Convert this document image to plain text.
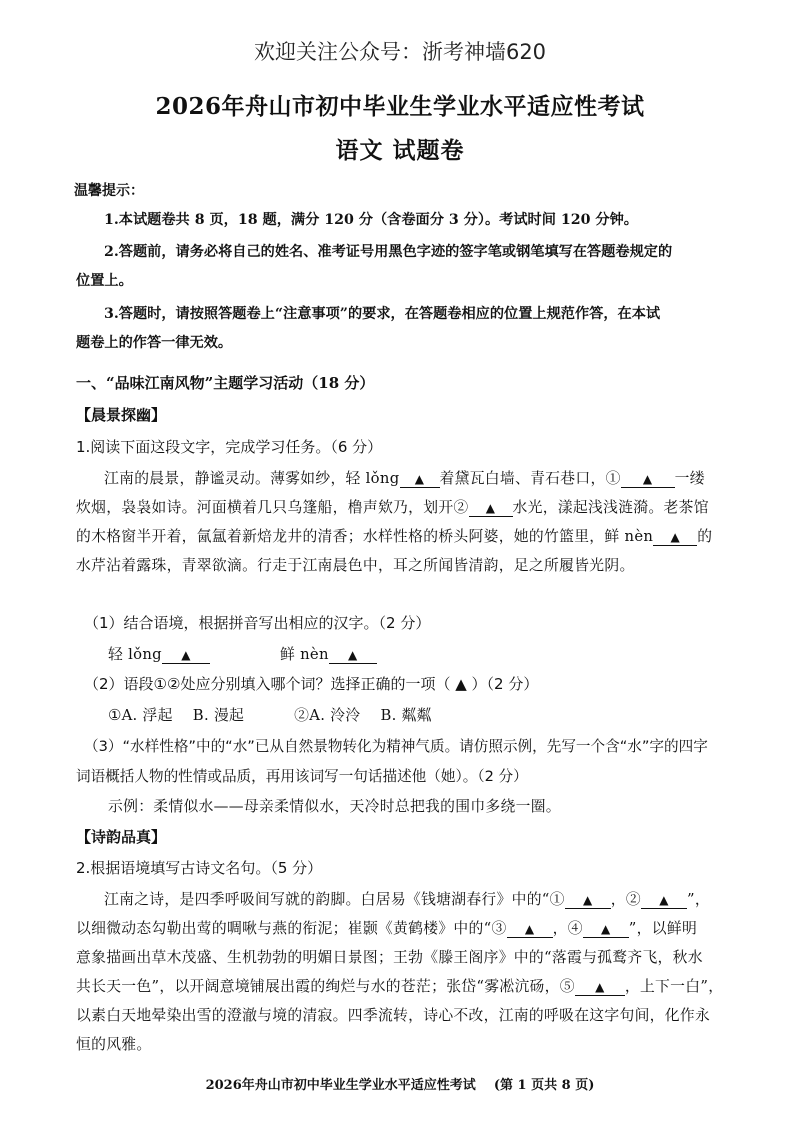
欢迎关注公众号：浙考神墙620
2026年舟山市初中毕业生学业水平适应性考试
语文 试题卷
温馨提示：
1.本试题卷共 8 页，18 题，满分 120 分（含卷面分 3 分）。考试时间 120 分钟。
2.答题前，请务必将自己的姓名、准考证号用黑色字迹的签字笔或钢笔填写在答题卷规定的
位置上。
3.答题时，请按照答题卷上“注意事项”的要求，在答题卷相应的位置上规范作答，在本试
题卷上的作答一律无效。
一、“品味江南风物”主题学习活动（18 分）
【晨景探幽】
1.阅读下面这段文字，完成学习任务。（6 分）
江南的晨景，静谧灵动。薄雾如纱，轻 lǒng ▲ 着黛瓦白墙、青石巷口，① ▲ 一缕
炊烟，袅袅如诗。河面横着几只乌篷船，橹声欸乃，划开② ▲ 水光，漾起浅浅涟漪。老茶馆
的木格窗半开着，氤氲着新焙龙井的清香；水样性格的桥头阿婆，她的竹篮里，鲜 nèn ▲ 的
水芹沾着露珠，青翠欲滴。行走于江南晨色中，耳之所闻皆清韵，足之所履皆光阴。
（1）结合语境，根据拼音写出相应的汉字。（2 分）
轻 lǒng ▲	鲜 nèn ▲
（2）语段①②处应分别填入哪个词？选择正确的一项（ ▲ ）（2 分）
①A. 浮起    B. 漫起          ②A. 泠泠    B. 粼粼
（3）“水样性格”中的“水”已从自然景物转化为精神气质。请仿照示例，先写一个含“水”字的四字
词语概括人物的性情或品质，再用该词写一句话描述他（她）。（2 分）
示例：柔情似水——母亲柔情似水，天冷时总把我的围巾多绕一圈。
【诗韵品真】
2.根据语境填写古诗文名句。（5 分）
江南之诗，是四季呼吸间写就的韵脚。白居易《钱塘湖春行》中的“① ▲ ，② ▲ ”，
以细微动态勾勒出莺的啁啾与燕的衔泥；崔颢《黄鹤楼》中的“③ ▲ ，④ ▲ ”，以鲜明
意象描画出草木茂盛、生机勃勃的明媚日景图；王勃《滕王阁序》中的“落霞与孤鹜齐飞，秋水
共长天一色”，以开阔意境铺展出霞的绚烂与水的苍茫；张岱“雾凇沆砀，⑤ ▲ ，上下一白”，
以素白天地晕染出雪的澄澈与境的清寂。四季流转，诗心不改，江南的呼吸在这字句间，化作永
恒的风雅。
2026年舟山市初中毕业生学业水平适应性考试    (第 1 页共 8 页)
